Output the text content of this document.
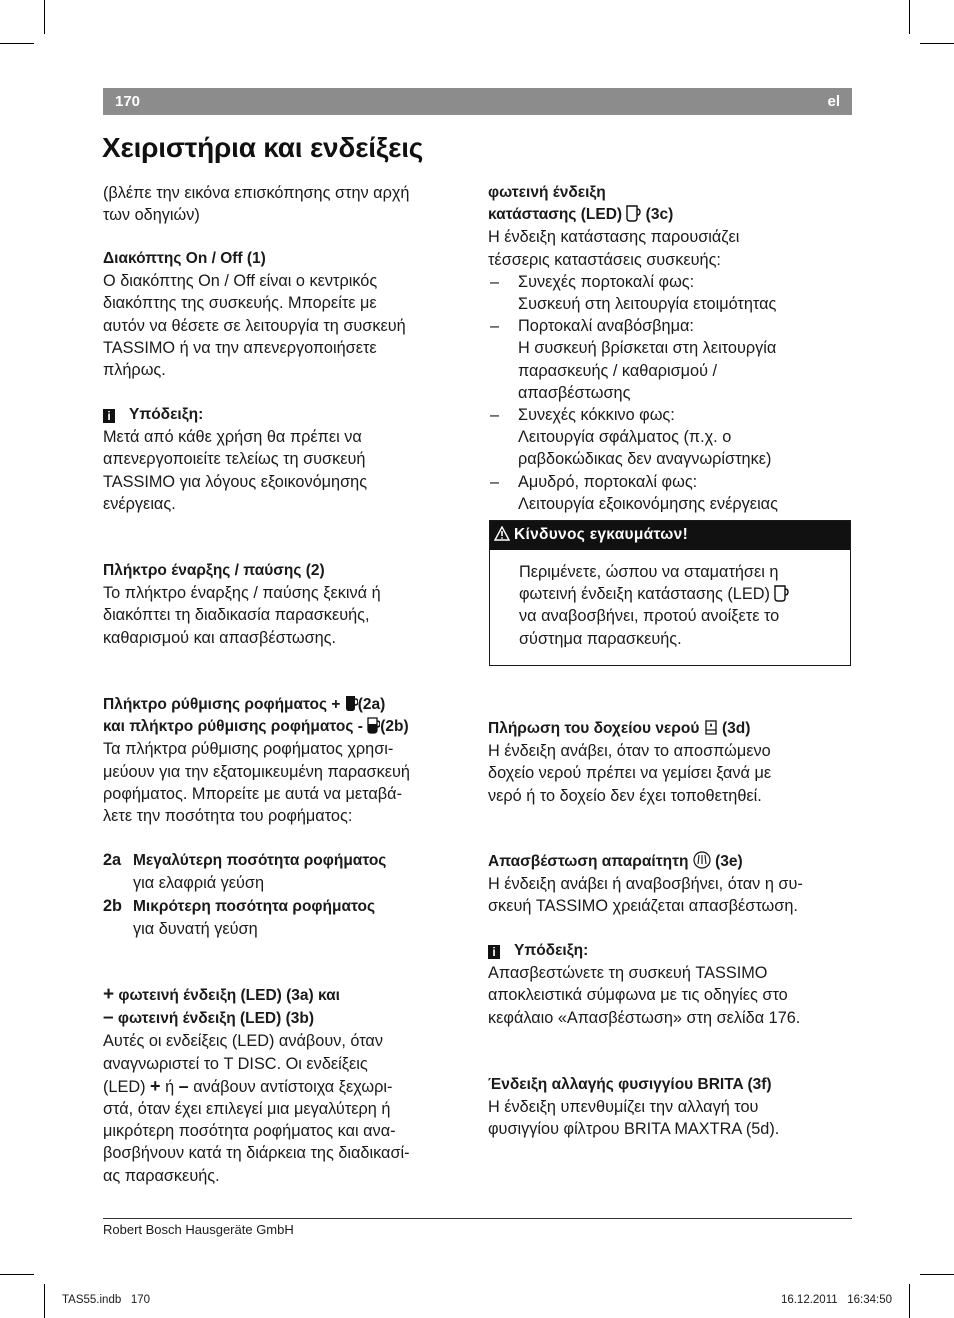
170	el
Χειριστήρια και ενδείξεις

(βλέπε την εικόνα επισκόπησης στην αρχή

των οδηγιών)

Διακόπτης On / Off (1)

Ο διακόπτης On / Off είναι ο κεντρικός

διακόπτης της συσκευής. Μπορείτε με

αυτόν να θέσετε σε λειτουργία τη συσκευή

TASSIMO ή να την απενεργοποιήσετε

πλήρως.

i Υπόδειξη:

Μετά από κάθε χρήση θα πρέπει να

απενεργοποιείτε τελείως τη συσκευή

TASSIMO για λόγους εξοικονόμησης

ενέργειας.

Πλήκτρο έναρξης / παύσης (2)

Το πλήκτρο έναρξης / παύσης ξεκινά ή

διακόπτει τη διαδικασία παρασκευής,

καθαρισμού και απασβέστωσης.

Πλήκτρο ρύθμισης ροφήματος + (2a)

και πλήκτρο ρύθμισης ροφήματος - (2b)

Τα πλήκτρα ρύθμισης ροφήματος χρησι-

μεύουν για την εξατομικευμένη παρασκευή

ροφήματος. Μπορείτε με αυτά να μεταβά-

λετε την ποσότητα του ροφήματος:

2a Μεγαλύτερη ποσότητα ροφήματος
για ελαφριά γεύση
2b Μικρότερη ποσότητα ροφήματος
για δυνατή γεύση

+ φωτεινή ένδειξη (LED) (3a) και

– φωτεινή ένδειξη (LED) (3b)

Αυτές οι ενδείξεις (LED) ανάβουν, όταν

αναγνωριστεί το T DISC. Οι ενδείξεις

(LED) + ή – ανάβουν αντίστοιχα ξεχωρι-

στά, όταν έχει επιλεγεί μια μεγαλύτερη ή

μικρότερη ποσότητα ροφήματος και ανα-

βοσβήνουν κατά τη διάρκεια της διαδικασί-

ας παρασκευής.

φωτεινή ένδειξη

κατάστασης (LED)  (3c)

Η ένδειξη κατάστασης παρουσιάζει

τέσσερις καταστάσεις συσκευής:

– Συνεχές πορτοκαλί φως:

Συσκευή στη λειτουργία ετοιμότητας

– Πορτοκαλί αναβόσβημα:

Η συσκευή βρίσκεται στη λειτουργία

παρασκευής / καθαρισμού /

απασβέστωσης

– Συνεχές κόκκινο φως:

Λειτουργία σφάλματος (π.χ. ο

ραβδοκώδικας δεν αναγνωρίστηκε)

– Αμυδρό, πορτοκαλί φως:

Λειτουργία εξοικονόμησης ενέργειας

Πλήρωση του δοχείου νερού  (3d)

Η ένδειξη ανάβει, όταν το αποσπώμενο

δοχείο νερού πρέπει να γεμίσει ξανά με

νερό ή το δοχείο δεν έχει τοποθετηθεί.

Απασβέστωση απαραίτητη  (3e)

Η ένδειξη ανάβει ή αναβοσβήνει, όταν η συ-

σκευή TASSIMO χρειάζεται απασβέστωση.

i Υπόδειξη:

Απασβεστώνετε τη συσκευή TASSIMO

αποκλειστικά σύμφωνα με τις οδηγίες στο

κεφάλαιο «Απασβέστωση» στη σελίδα 176.

Ένδειξη αλλαγής φυσιγγίου BRITA (3f)

Η ένδειξη υπενθυμίζει την αλλαγή του

φυσιγγίου φίλτρου BRITA MAXTRA (5d).

Κίνδυνος εγκαυμάτων!

Περιμένετε, ώσπου να σταματήσει η

φωτεινή ένδειξη κατάστασης (LED)

να αναβοσβήνει, προτού ανοίξετε το

σύστημα παρασκευής.

Robert Bosch Hausgeräte GmbH
TAS55.indb   170	16.12.2011   16:34:50
